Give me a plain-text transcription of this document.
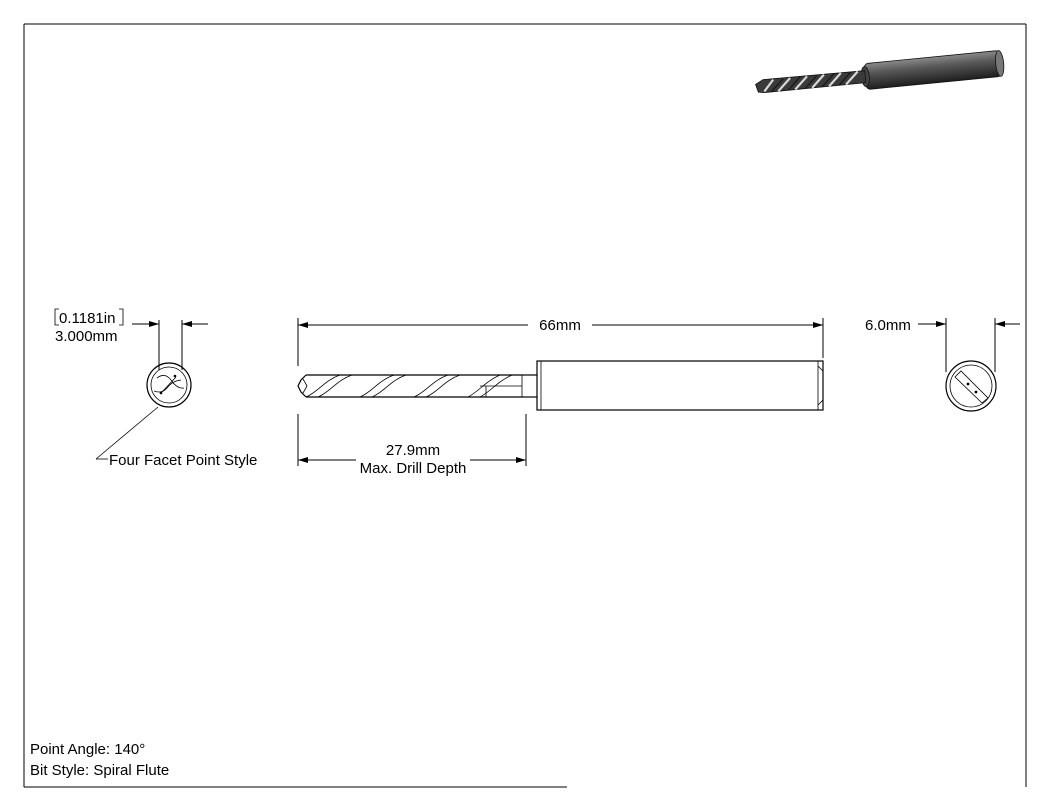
0.1181in
3.000mm
Four Facet Point Style
66mm
27.9mm
Max. Drill Depth
6.0mm
Point Angle: 140°
Bit Style: Spiral Flute
